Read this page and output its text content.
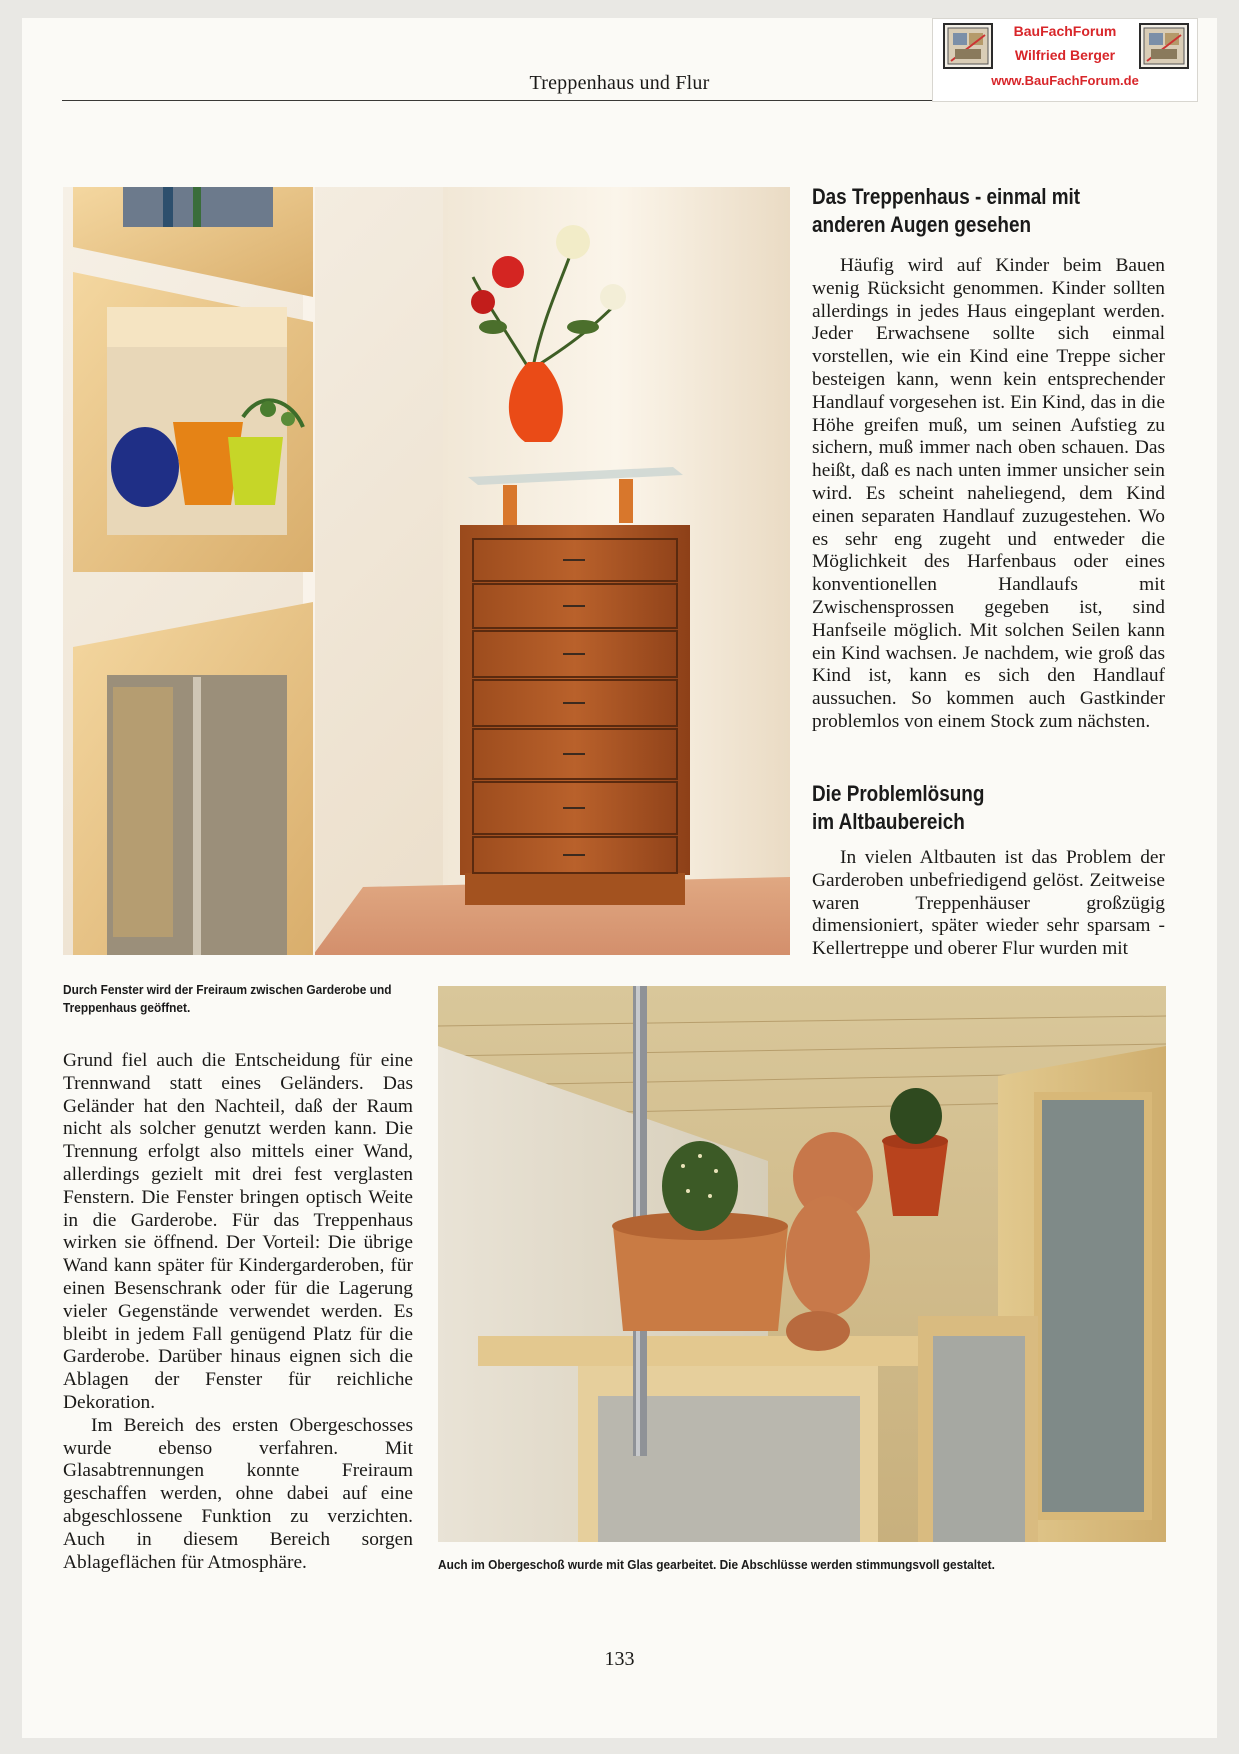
Treppenhaus und Flur
BauFachForum
Wilfried Berger
www.BauFachForum.de
Das Treppenhaus - einmal mit
anderen Augen gesehen

Häufig wird auf Kinder beim Bauen wenig Rücksicht genommen. Kinder sollten allerdings in jedes Haus eingeplant werden. Jeder Erwachsene sollte sich einmal vorstellen, wie ein Kind eine Treppe sicher besteigen kann, wenn kein entsprechender Handlauf vorgesehen ist. Ein Kind, das in die Höhe greifen muß, um seinen Aufstieg zu sichern, muß immer nach oben schauen. Das heißt, daß es nach unten immer unsicher sein wird. Es scheint naheliegend, dem Kind einen separaten Handlauf zuzugestehen. Wo es sehr eng zugeht und entweder die Möglichkeit des Harfenbaus oder eines konventionellen Handlaufs mit Zwischensprossen gegeben ist, sind Hanfseile möglich. Mit solchen Seilen kann ein Kind wachsen. Je nachdem, wie groß das Kind ist, kann es sich den Handlauf aussuchen. So kommen auch Gastkinder problemlos von einem Stock zum nächsten.

Die Problemlösung
im Altbaubereich

In vielen Altbauten ist das Problem der Garderoben unbefriedigend gelöst. Zeitweise waren Treppenhäuser großzügig dimensioniert, später wieder sehr sparsam - Kellertreppe und oberer Flur wurden mit

Durch Fenster wird der Freiraum zwischen Garderobe und Treppenhaus geöffnet.

Grund fiel auch die Entscheidung für eine Trennwand statt eines Geländers. Das Geländer hat den Nachteil, daß der Raum nicht als solcher genutzt werden kann. Die Trennung erfolgt also mittels einer Wand, allerdings gezielt mit drei fest verglasten Fenstern. Die Fenster bringen optisch Weite in die Garderobe. Für das Treppenhaus wirken sie öffnend. Der Vorteil: Die übrige Wand kann später für Kindergarderoben, für einen Besenschrank oder für die Lagerung vieler Gegenstände verwendet werden. Es bleibt in jedem Fall genügend Platz für die Garderobe. Darüber hinaus eignen sich die Ablagen der Fenster für reichliche Dekoration.

Im Bereich des ersten Obergeschosses wurde ebenso verfahren. Mit Glasabtrennungen konnte Freiraum geschaffen werden, ohne dabei auf eine abgeschlossene Funktion zu verzichten. Auch in diesem Bereich sorgen Ablageflächen für Atmosphäre.	Auch im Obergeschoß wurde mit Glas gearbeitet. Die Abschlüsse werden stimmungsvoll gestaltet.
133
